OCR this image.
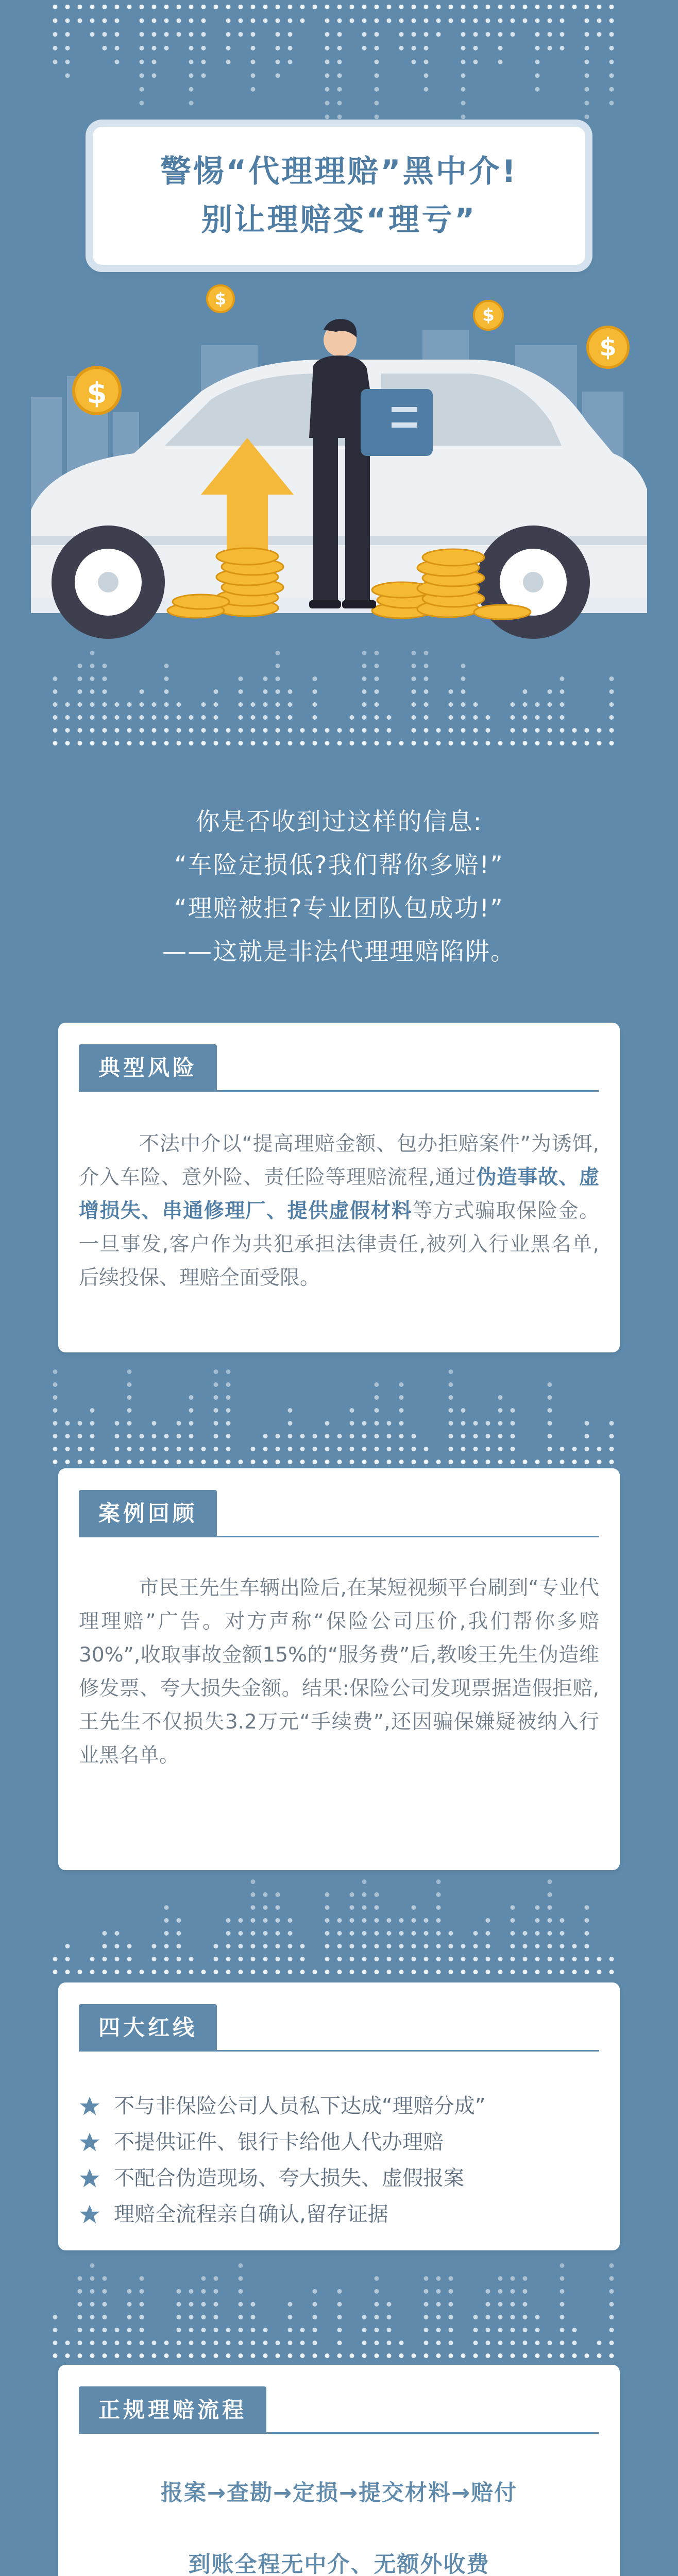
警惕“代理理赔”黑中介!
别让理赔变“理亏”
$
$
$
$
你是否收到过这样的信息:
“车险定损低?我们帮你多赔!”
“理赔被拒?专业团队包成功!”
——这就是非法代理理赔陷阱。
典型风险
不法中介以“提高理赔金额、包办拒赔案件”为诱饵,介入车险、意外险、责任险等理赔流程,通过伪造事故、虚增损失、串通修理厂、提供虚假材料等方式骗取保险金。一旦事发,客户作为共犯承担法律责任,被列入行业黑名单,后续投保、理赔全面受限。
案例回顾
市民王先生车辆出险后,在某短视频平台刷到“专业代理理赔”广告。对方声称“保险公司压价,我们帮你多赔30%”,收取事故金额15%的“服务费”后,教唆王先生伪造维修发票、夸大损失金额。结果:保险公司发现票据造假拒赔,王先生不仅损失3.2万元“手续费”,还因骗保嫌疑被纳入行业黑名单。
四大红线
不与非保险公司人员私下达成“理赔分成”
不提供证件、银行卡给他人代办理赔
不配合伪造现场、夸大损失、虚假报案
理赔全流程亲自确认,留存证据
正规理赔流程
报案→查勘→定损→提交材料→赔付
到账全程无中介、无额外收费
